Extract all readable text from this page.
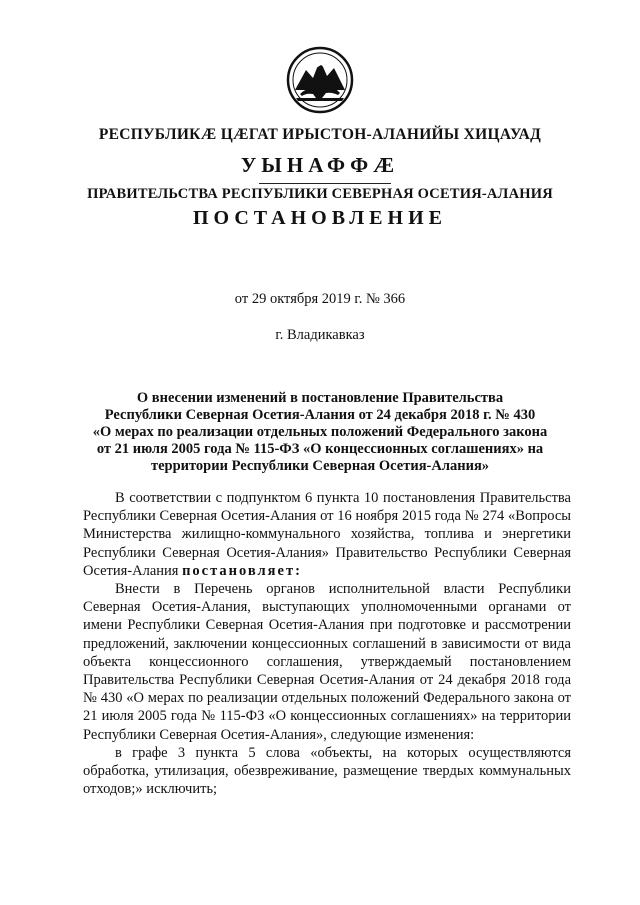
РЕСПУБЛИКӔ ЦӔГАТ ИРЫСТОН-АЛАНИЙЫ ХИЦАУАД
УЫНАФФӔ
ПРАВИТЕЛЬСТВА РЕСПУБЛИКИ СЕВЕРНАЯ ОСЕТИЯ-АЛАНИЯ
ПОСТАНОВЛЕНИЕ
от 29 октября 2019 г. № 366
г. Владикавказ
О внесении изменений в постановление Правительства
Республики Северная Осетия-Алания от 24 декабря 2018 г. № 430
«О мерах по реализации отдельных положений Федерального закона
от 21 июля 2005 года № 115-ФЗ «О концессионных соглашениях» на
территории Республики Северная Осетия-Алания»

В соответствии с подпунктом 6 пункта 10 постановления Правительства Республики Северная Осетия-Алания от 16 ноября 2015 года № 274 «Вопросы Министерства жилищно-коммунального хозяйства, топлива и энергетики Республики Северная Осетия-Алания» Правительство Республики Северная Осетия-Алания постановляет:

Внести в Перечень органов исполнительной власти Республики Северная Осетия-Алания, выступающих уполномоченными органами от имени Республики Северная Осетия-Алания при подготовке и рассмотрении предложений, заключении концессионных соглашений в зависимости от вида объекта концессионного соглашения, утверждаемый постановлением Правительства Республики Северная Осетия-Алания от 24 декабря 2018 года № 430 «О мерах по реализации отдельных положений Федерального закона от 21 июля 2005 года № 115-ФЗ «О концессионных соглашениях» на территории Республики Северная Осетия-Алания», следующие изменения:

в графе 3 пункта 5 слова «объекты, на которых осуществляются обработка, утилизация, обезвреживание, размещение твердых коммунальных отходов;» исключить;
